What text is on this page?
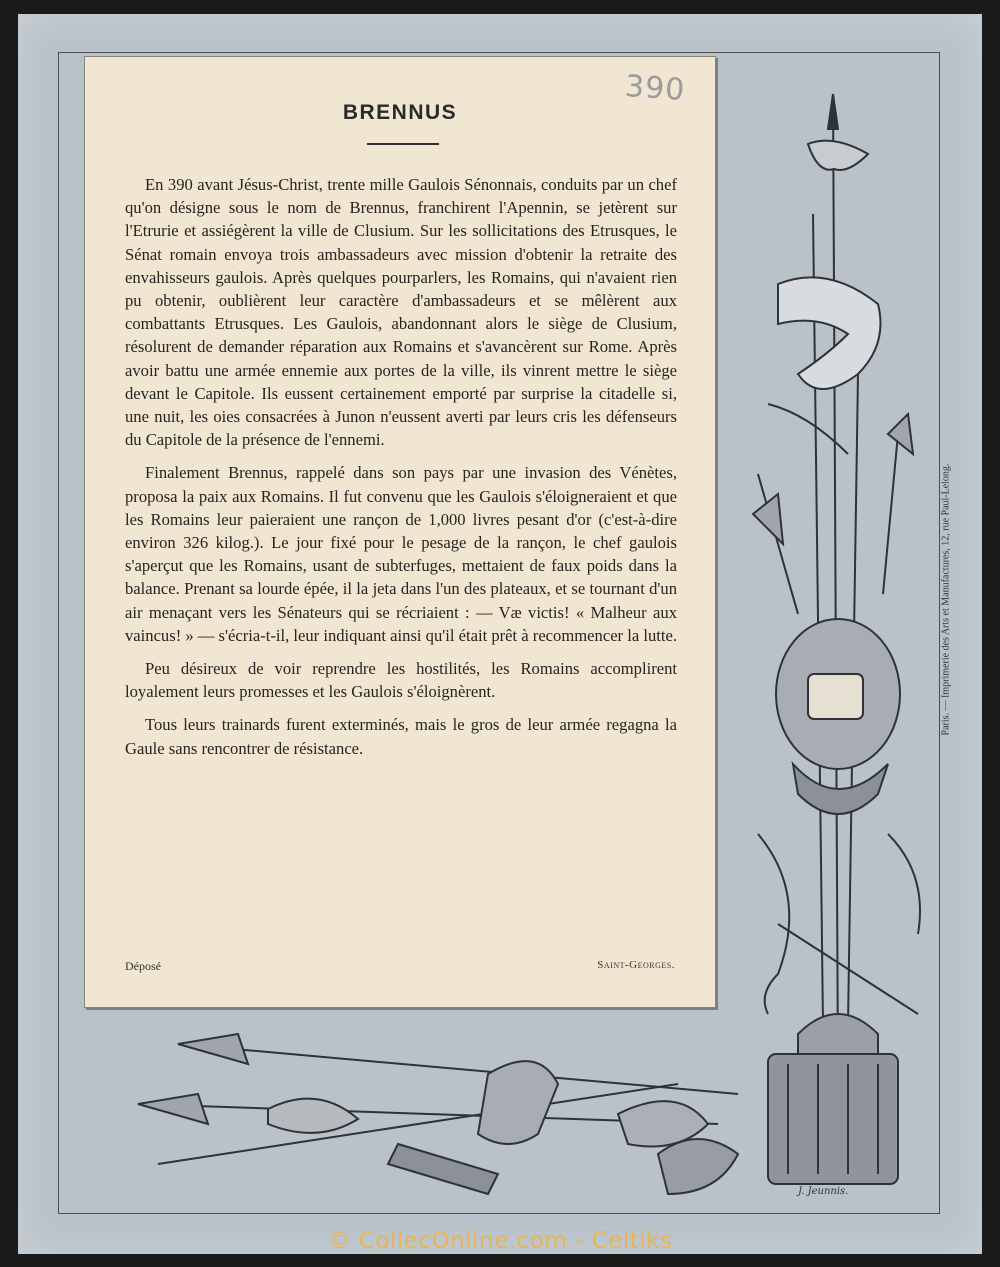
390
BRENNUS

En 390 avant Jésus-Christ, trente mille Gaulois Sénonnais, conduits par un chef qu'on désigne sous le nom de Brennus, franchirent l'Apennin, se jetèrent sur l'Etrurie et assiégèrent la ville de Clusium. Sur les sollicitations des Etrusques, le Sénat romain envoya trois ambassadeurs avec mission d'obtenir la retraite des envahisseurs gaulois. Après quelques pourparlers, les Romains, qui n'avaient rien pu obtenir, oublièrent leur caractère d'ambassadeurs et se mêlèrent aux combattants Etrusques. Les Gaulois, abandonnant alors le siège de Clusium, résolurent de demander réparation aux Romains et s'avancèrent sur Rome. Après avoir battu une armée ennemie aux portes de la ville, ils vinrent mettre le siège devant le Capitole. Ils eussent certainement emporté par surprise la citadelle si, une nuit, les oies consacrées à Junon n'eussent averti par leurs cris les défenseurs du Capitole de la présence de l'ennemi.

Finalement Brennus, rappelé dans son pays par une invasion des Vénètes, proposa la paix aux Romains. Il fut convenu que les Gaulois s'éloigneraient et que les Romains leur paieraient une rançon de 1,000 livres pesant d'or (c'est-à-dire environ 326 kilog.). Le jour fixé pour le pesage de la rançon, le chef gaulois s'aperçut que les Romains, usant de subterfuges, mettaient de faux poids dans la balance. Prenant sa lourde épée, il la jeta dans l'un des plateaux, et se tournant d'un air menaçant vers les Sénateurs qui se récriaient : — Væ victis! « Malheur aux vaincus! » — s'écria-t-il, leur indiquant ainsi qu'il était prêt à recommencer la lutte.

Peu désireux de voir reprendre les hostilités, les Romains accomplirent loyalement leurs promesses et les Gaulois s'éloignèrent.

Tous leurs trainards furent exterminés, mais le gros de leur armée regagna la Gaule sans rencontrer de résistance.

Déposé	Saint-Georges.
J. Jeunnis.
Paris. — Imprimerie des Arts et Manufactures, 12, rue Paul-Lelong.
© CollecOnline.com - Celtiks
